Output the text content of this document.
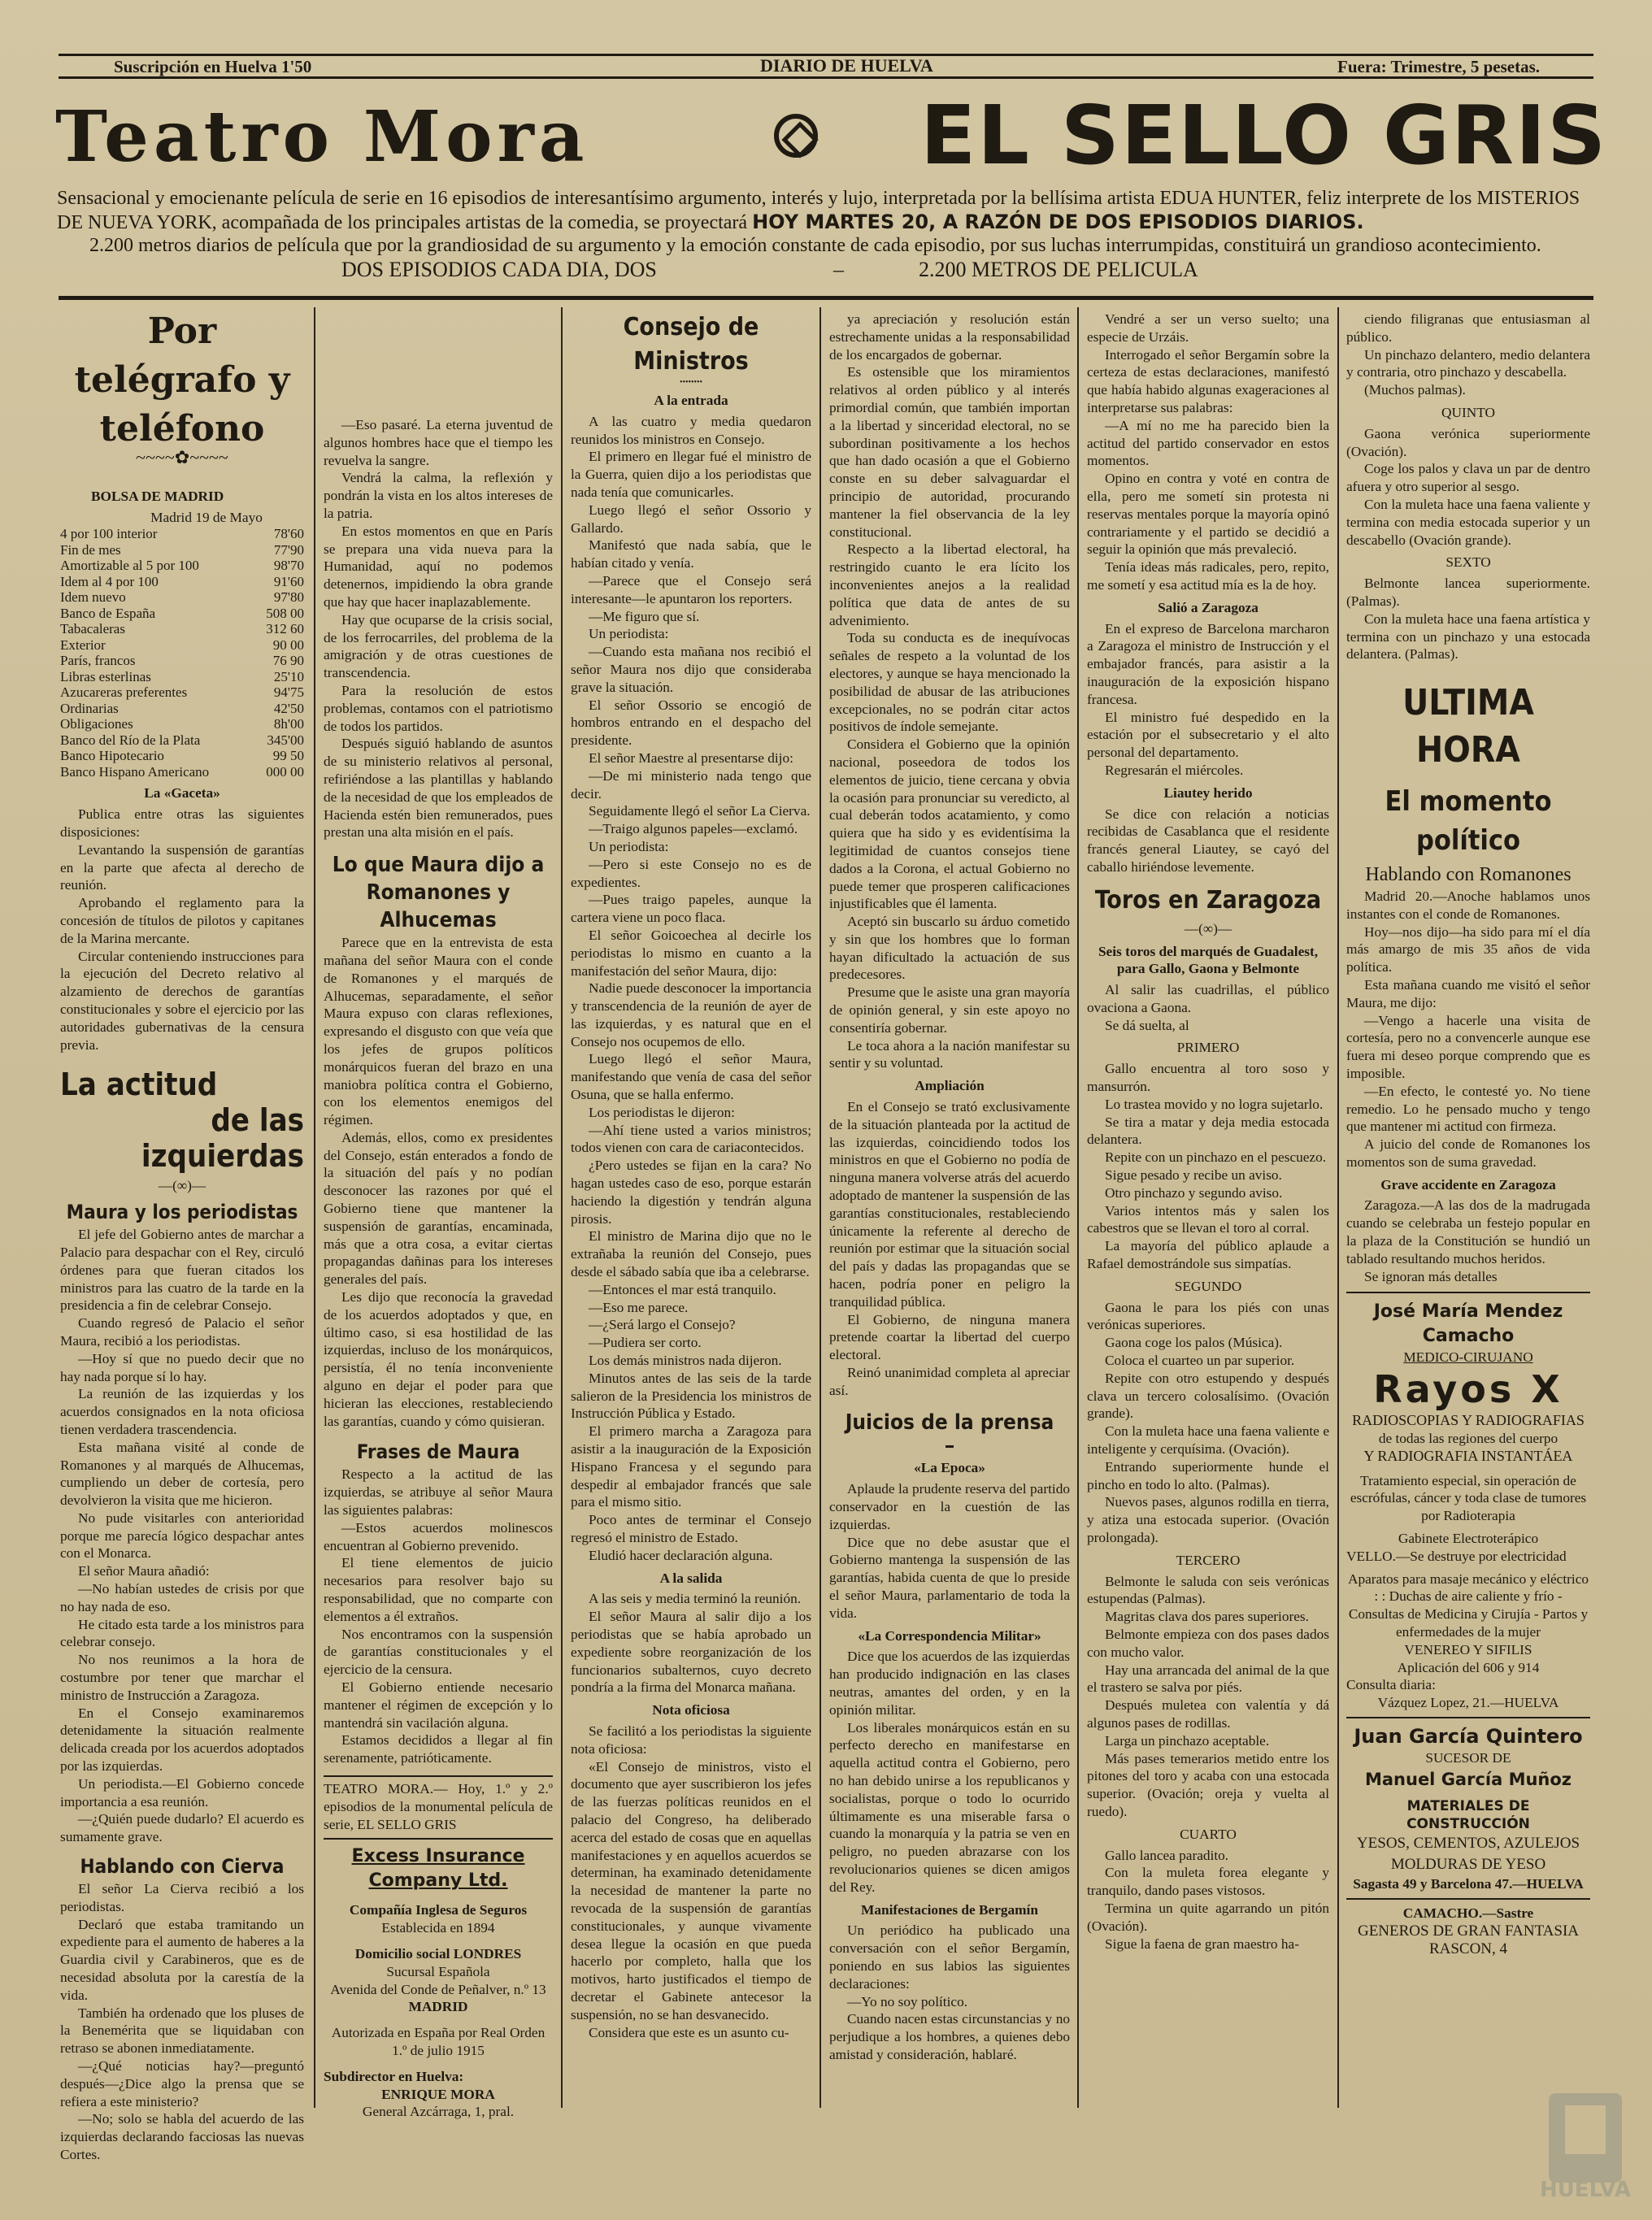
Suscripción en Huelva 1'50	DIARIO DE HUELVA	Fuera: Trimestre, 5 pesetas.
Teatro Mora	EL SELLO GRIS
Sensacional y emocienante película de serie en 16 episodios de interesantísimo argumento, interés y lujo, interpretada por la bellísima artista EDUA HUNTER, feliz interprete de los MISTERIOS
DE NUEVA YORK, acompañada de los principales artistas de la comedia, se proyectará HOY MARTES 20, A RAZÓN DE DOS EPISODIOS DIARIOS.
2.200 metros diarios de película que por la grandiosidad de su argumento y la emoción constante de cada episodio, por sus luchas interrumpidas, constituirá un grandioso acontecimiento.
DOS EPISODIOS CADA DIA, DOS	–	2.200 METROS DE PELICULA
Por telégrafo y teléfono
~~~~✿~~~~
BOLSA DE MADRID
Madrid 19 de Mayo
4 por 100 interior	78'60
Fin de mes	77'90
Amortizable al 5 por 100	98'70
Idem al 4 por 100	91'60
Idem nuevo	97'80
Banco de España	508 00
Tabacaleras	312 60
Exterior	90 00
París, francos	76 90
Libras esterlinas	25'10
Azucareras preferentes	94'75
Ordinarias	42'50
Obligaciones	8h'00
Banco del Río de la Plata	345'00
Banco Hipotecario	99 50
Banco Hispano Americano	000 00
La «Gaceta»

Publica entre otras las siguientes disposiciones:

Levantando la suspensión de garantías en la parte que afecta al derecho de reunión.

Aprobando el reglamento para la concesión de títulos de pilotos y capitanes de la Marina mercante.

Circular conteniendo instrucciones para la ejecución del Decreto relativo al alzamiento de derechos de garantías constitucionales y sobre el ejercicio por las autoridades gubernativas de la censura previa.

La actitud
de las izquierdas
—(∞)—
Maura y los periodistas

El jefe del Gobierno antes de marchar a Palacio para despachar con el Rey, circuló órdenes para que fueran citados los ministros para las cuatro de la tarde en la presidencia a fin de celebrar Consejo.

Cuando regresó de Palacio el señor Maura, recibió a los periodistas.

—Hoy sí que no puedo decir que no hay nada porque sí lo hay.

La reunión de las izquierdas y los acuerdos consignados en la nota oficiosa tienen verdadera trascendencia.

Esta mañana visité al conde de Romanones y al marqués de Alhucemas, cumpliendo un deber de cortesía, pero devolvieron la visita que me hicieron.

No pude visitarles con anterioridad porque me parecía lógico despachar antes con el Monarca.

El señor Maura añadió:

—No habían ustedes de crisis por que no hay nada de eso.

He citado esta tarde a los ministros para celebrar consejo.

No nos reunimos a la hora de costumbre por tener que marchar el ministro de Instrucción a Zaragoza.

En el Consejo examinaremos detenidamente la situación realmente delicada creada por los acuerdos adoptados por las izquierdas.

Un periodista.—El Gobierno concede importancia a esa reunión.

—¿Quién puede dudarlo? El acuerdo es sumamente grave.

Hablando con Cierva

El señor La Cierva recibió a los periodistas.

Declaró que estaba tramitando un expediente para el aumento de haberes a la Guardia civil y Carabineros, que es de necesidad absoluta por la carestía de la vida.

También ha ordenado que los pluses de la Benemérita que se liquidaban con retraso se abonen inmediatamente.

—¿Qué noticias hay?—preguntó después—¿Dice algo la prensa que se refiera a este ministerio?

—No; solo se habla del acuerdo de las izquierdas declarando facciosas las nuevas Cortes.

—Eso pasaré. La eterna juventud de algunos hombres hace que el tiempo les revuelva la sangre.

Vendrá la calma, la reflexión y pondrán la vista en los altos intereses de la patria.

En estos momentos en que en París se prepara una vida nueva para la Humanidad, aquí no podemos detenernos, impidiendo la obra grande que hay que hacer inaplazablemente.

Hay que ocuparse de la crisis social, de los ferrocarriles, del problema de la amigración y de otras cuestiones de transcendencia.

Para la resolución de estos problemas, contamos con el patriotismo de todos los partidos.

Después siguió hablando de asuntos de su ministerio relativos al personal, refiriéndose a las plantillas y hablando de la necesidad de que los empleados de Hacienda estén bien remunerados, pues prestan una alta misión en el país.

Lo que Maura dijo a Romanones y Alhucemas

Parece que en la entrevista de esta mañana del señor Maura con el conde de Romanones y el marqués de Alhucemas, separadamente, el señor Maura expuso con claras reflexiones, expresando el disgusto con que veía que los jefes de grupos políticos monárquicos fueran del brazo en una maniobra política contra el Gobierno, con los elementos enemigos del régimen.

Además, ellos, como ex presidentes del Consejo, están enterados a fondo de la situación del país y no podían desconocer las razones por qué el Gobierno tiene que mantener la suspensión de garantías, encaminada, más que a otra cosa, a evitar ciertas propagandas dañinas para los intereses generales del país.

Les dijo que reconocía la gravedad de los acuerdos adoptados y que, en último caso, si esa hostilidad de las izquierdas, incluso de los monárquicos, persistía, él no tenía inconveniente alguno en dejar el poder para que hicieran las elecciones, restableciendo las garantías, cuando y cómo quisieran.

Frases de Maura

Respecto a la actitud de las izquierdas, se atribuye al señor Maura las siguientes palabras:

—Estos acuerdos molinescos encuentran al Gobierno prevenido.

El tiene elementos de juicio necesarios para resolver bajo su responsabilidad, que no comparte con elementos a él extraños.

Nos encontramos con la suspensión de garantías constitucionales y el ejercicio de la censura.

El Gobierno entiende necesario mantener el régimen de excepción y lo mantendrá sin vacilación alguna.

Estamos decididos a llegar al fin serenamente, patrióticamente.

TEATRO MORA.— Hoy, 1.º y 2.º episodios de la monumental película de serie, EL SELLO GRIS

Excess Insurance Company Ltd.
Compañía Inglesa de Seguros
Establecida en 1894
Domicilio social LONDRES
Sucursal Española
Avenida del Conde de Peñalver, n.º 13
MADRID
Autorizada en España por Real Orden 1.º de julio 1915
Subdirector en Huelva:
ENRIQUE MORA
General Azcárraga, 1, pral.
Consejo de Ministros
••••••••
A la entrada

A las cuatro y media quedaron reunidos los ministros en Consejo.

El primero en llegar fué el ministro de la Guerra, quien dijo a los periodistas que nada tenía que comunicarles.

Luego llegó el señor Ossorio y Gallardo.

Manifestó que nada sabía, que le habían citado y venía.

—Parece que el Consejo será interesante—le apuntaron los reporters.

—Me figuro que sí.

Un periodista:

—Cuando esta mañana nos recibió el señor Maura nos dijo que consideraba grave la situación.

El señor Ossorio se encogió de hombros entrando en el despacho del presidente.

El señor Maestre al presentarse dijo:

—De mi ministerio nada tengo que decir.

Seguidamente llegó el señor La Cierva.

—Traigo algunos papeles—exclamó.

Un periodista:

—Pero si este Consejo no es de expedientes.

—Pues traigo papeles, aunque la cartera viene un poco flaca.

El señor Goicoechea al decirle los periodistas lo mismo en cuanto a la manifestación del señor Maura, dijo:

Nadie puede desconocer la importancia y transcendencia de la reunión de ayer de las izquierdas, y es natural que en el Consejo nos ocupemos de ello.

Luego llegó el señor Maura, manifestando que venía de casa del señor Osuna, que se halla enfermo.

Los periodistas le dijeron:

—Ahí tiene usted a varios ministros; todos vienen con cara de cariacontecidos.

¿Pero ustedes se fijan en la cara? No hagan ustedes caso de eso, porque estarán haciendo la digestión y tendrán alguna pirosis.

El ministro de Marina dijo que no le extrañaba la reunión del Consejo, pues desde el sábado sabía que iba a celebrarse.

—Entonces el mar está tranquilo.

—Eso me parece.

—¿Será largo el Consejo?

—Pudiera ser corto.

Los demás ministros nada dijeron.

Minutos antes de las seis de la tarde salieron de la Presidencia los ministros de Instrucción Pública y Estado.

El primero marcha a Zaragoza para asistir a la inauguración de la Exposición Hispano Francesa y el segundo para despedir al embajador francés que sale para el mismo sitio.

Poco antes de terminar el Consejo regresó el ministro de Estado.

Eludió hacer declaración alguna.

A la salida

A las seis y media terminó la reunión.

El señor Maura al salir dijo a los periodistas que se había aprobado un expediente sobre reorganización de los funcionarios subalternos, cuyo decreto pondría a la firma del Monarca mañana.

Nota oficiosa

Se facilitó a los periodistas la siguiente nota oficiosa:

«El Consejo de ministros, visto el documento que ayer suscribieron los jefes de las fuerzas políticas reunidos en el palacio del Congreso, ha deliberado acerca del estado de cosas que en aquellas manifestaciones y en aquellos acuerdos se determinan, ha examinado detenidamente la necesidad de mantener la parte no revocada de la suspensión de garantías constitucionales, y aunque vivamente desea llegue la ocasión en que pueda hacerlo por completo, halla que los motivos, harto justificados el tiempo de decretar el Gabinete antecesor la suspensión, no se han desvanecido.

Considera que este es un asunto cu-

ya apreciación y resolución están estrechamente unidas a la responsabilidad de los encargados de gobernar.

Es ostensible que los miramientos relativos al orden público y al interés primordial común, que también importan a la libertad y sinceridad electoral, no se subordinan positivamente a los hechos que han dado ocasión a que el Gobierno conste en su deber salvaguardar el principio de autoridad, procurando mantener la fiel observancia de la ley constitucional.

Respecto a la libertad electoral, ha restringido cuanto le era lícito los inconvenientes anejos a la realidad política que data de antes de su advenimiento.

Toda su conducta es de inequívocas señales de respeto a la voluntad de los electores, y aunque se haya mencionado la posibilidad de abusar de las atribuciones excepcionales, no se podrán citar actos positivos de índole semejante.

Considera el Gobierno que la opinión nacional, poseedora de todos los elementos de juicio, tiene cercana y obvia la ocasión para pronunciar su veredicto, al cual deberán todos acatamiento, y como quiera que ha sido y es evidentísima la legitimidad de cuantos consejos tiene dados a la Corona, el actual Gobierno no puede temer que prosperen calificaciones injustificables que él lamenta.

Aceptó sin buscarlo su árduo cometido y sin que los hombres que lo forman hayan dificultado la actuación de sus predecesores.

Presume que le asiste una gran mayoría de opinión general, y sin este apoyo no consentiría gobernar.

Le toca ahora a la nación manifestar su sentir y su voluntad.

Ampliación

En el Consejo se trató exclusivamente de la situación planteada por la actitud de las izquierdas, coincidiendo todos los ministros en que el Gobierno no podía de ninguna manera volverse atrás del acuerdo adoptado de mantener la suspensión de las garantías constitucionales, restableciendo únicamente la referente al derecho de reunión por estimar que la situación social del país y dadas las propagandas que se hacen, podría poner en peligro la tranquilidad pública.

El Gobierno, de ninguna manera pretende coartar la libertad del cuerpo electoral.

Reinó unanimidad completa al apreciar así.

Juicios de la prensa
▬
«La Epoca»

Aplaude la prudente reserva del partido conservador en la cuestión de las izquierdas.

Dice que no debe asustar que el Gobierno mantenga la suspensión de las garantías, habida cuenta de que lo preside el señor Maura, parlamentario de toda la vida.

«La Correspondencia Militar»

Dice que los acuerdos de las izquierdas han producido indignación en las clases neutras, amantes del orden, y en la opinión militar.

Los liberales monárquicos están en su perfecto derecho en manifestarse en aquella actitud contra el Gobierno, pero no han debido unirse a los republicanos y socialistas, porque o todo lo ocurrido últimamente es una miserable farsa o cuando la monarquía y la patria se ven en peligro, no pueden abrazarse con los revolucionarios quienes se dicen amigos del Rey.

Manifestaciones de Bergamín

Un periódico ha publicado una conversación con el señor Bergamín, poniendo en sus labios las siguientes declaraciones:

—Yo no soy político.

Cuando nacen estas circunstancias y no perjudique a los hombres, a quienes debo amistad y consideración, hablaré.

Vendré a ser un verso suelto; una especie de Urzáis.

Interrogado el señor Bergamín sobre la certeza de estas declaraciones, manifestó que había habido algunas exageraciones al interpretarse sus palabras:

—A mí no me ha parecido bien la actitud del partido conservador en estos momentos.

Opino en contra y voté en contra de ella, pero me sometí sin protesta ni reservas mentales porque la mayoría opinó contrariamente y el partido se decidió a seguir la opinión que más prevaleció.

Tenía ideas más radicales, pero, repito, me sometí y esa actitud mía es la de hoy.

Salió a Zaragoza

En el expreso de Barcelona marcharon a Zaragoza el ministro de Instrucción y el embajador francés, para asistir a la inauguración de la exposición hispano francesa.

El ministro fué despedido en la estación por el subsecretario y el alto personal del departamento.

Regresarán el miércoles.

Liautey herido

Se dice con relación a noticias recibidas de Casablanca que el residente francés general Liautey, se cayó del caballo hiriéndose levemente.

Toros en Zaragoza
—(∞)—
Seis toros del marqués de Guadalest, para Gallo, Gaona y Belmonte

Al salir las cuadrillas, el público ovaciona a Gaona.

Se dá suelta, al

PRIMERO

Gallo encuentra al toro soso y mansurrón.

Lo trastea movido y no logra sujetarlo.

Se tira a matar y deja media estocada delantera.

Repite con un pinchazo en el pescuezo.

Sigue pesado y recibe un aviso.

Otro pinchazo y segundo aviso.

Varios intentos más y salen los cabestros que se llevan el toro al corral.

La mayoría del público aplaude a Rafael demostrándole sus simpatías.

SEGUNDO

Gaona le para los piés con unas verónicas superiores.

Gaona coge los palos (Música).

Coloca el cuarteo un par superior.

Repite con otro estupendo y después clava un tercero colosalísimo. (Ovación grande).

Con la muleta hace una faena valiente e inteligente y cerquísima. (Ovación).

Entrando superiormente hunde el pincho en todo lo alto. (Palmas).

Nuevos pases, algunos rodilla en tierra, y atiza una estocada superior. (Ovación prolongada).

TERCERO

Belmonte le saluda con seis verónicas estupendas (Palmas).

Magritas clava dos pares superiores.

Belmonte empieza con dos pases dados con mucho valor.

Hay una arrancada del animal de la que el trastero se salva por piés.

Después muletea con valentía y dá algunos pases de rodillas.

Larga un pinchazo aceptable.

Más pases temerarios metido entre los pitones del toro y acaba con una estocada superior. (Ovación; oreja y vuelta al ruedo).

CUARTO

Gallo lancea paradito.

Con la muleta forea elegante y tranquilo, dando pases vistosos.

Termina un quite agarrando un pitón (Ovación).

Sigue la faena de gran maestro ha-

ciendo filigranas que entusiasman al público.

Un pinchazo delantero, medio delantera y contraria, otro pinchazo y descabella.

(Muchos palmas).

QUINTO

Gaona verónica superiormente (Ovación).

Coge los palos y clava un par de dentro afuera y otro superior al sesgo.

Con la muleta hace una faena valiente y termina con media estocada superior y un descabello (Ovación grande).

SEXTO

Belmonte lancea superiormente. (Palmas).

Con la muleta hace una faena artística y termina con un pinchazo y una estocada delantera. (Palmas).

ULTIMA HORA
El momento político
Hablando con Romanones

Madrid 20.—Anoche hablamos unos instantes con el conde de Romanones.

Hoy—nos dijo—ha sido para mí el día más amargo de mis 35 años de vida política.

Esta mañana cuando me visitó el señor Maura, me dijo:

—Vengo a hacerle una visita de cortesía, pero no a convencerle aunque ese fuera mi deseo porque comprendo que es imposible.

—En efecto, le contesté yo. No tiene remedio. Lo he pensado mucho y tengo que mantener mi actitud con firmeza.

A juicio del conde de Romanones los momentos son de suma gravedad.

Grave accidente en Zaragoza

Zaragoza.—A las dos de la madrugada cuando se celebraba un festejo popular en la plaza de la Constitución se hundió un tablado resultando muchos heridos.

Se ignoran más detalles

José María Mendez Camacho
MEDICO-CIRUJANO
Rayos X
RADIOSCOPIAS Y RADIOGRAFIAS
de todas las regiones del cuerpo
Y RADIOGRAFIA INSTANTÁEA
Tratamiento especial, sin operación de escrófulas, cáncer y toda clase de tumores por Radioterapia
Gabinete Electroterápico
VELLO.—Se destruye por electricidad
Aparatos para masaje mecánico y eléctrico : : Duchas de aire caliente y frío - Consultas de Medicina y Cirujía - Partos y enfermedades de la mujer
VENEREO Y SIFILIS
Aplicación del 606 y 914
Consulta diaria:
Vázquez Lopez, 21.—HUELVA
Juan García Quintero
SUCESOR DE
Manuel García Muñoz
MATERIALES DE CONSTRUCCIÓN
YESOS, CEMENTOS, AZULEJOS
MOLDURAS DE YESO
Sagasta 49 y Barcelona 47.—HUELVA
CAMACHO.—Sastre
GENEROS DE GRAN FANTASIA
RASCON, 4
HUELVA
